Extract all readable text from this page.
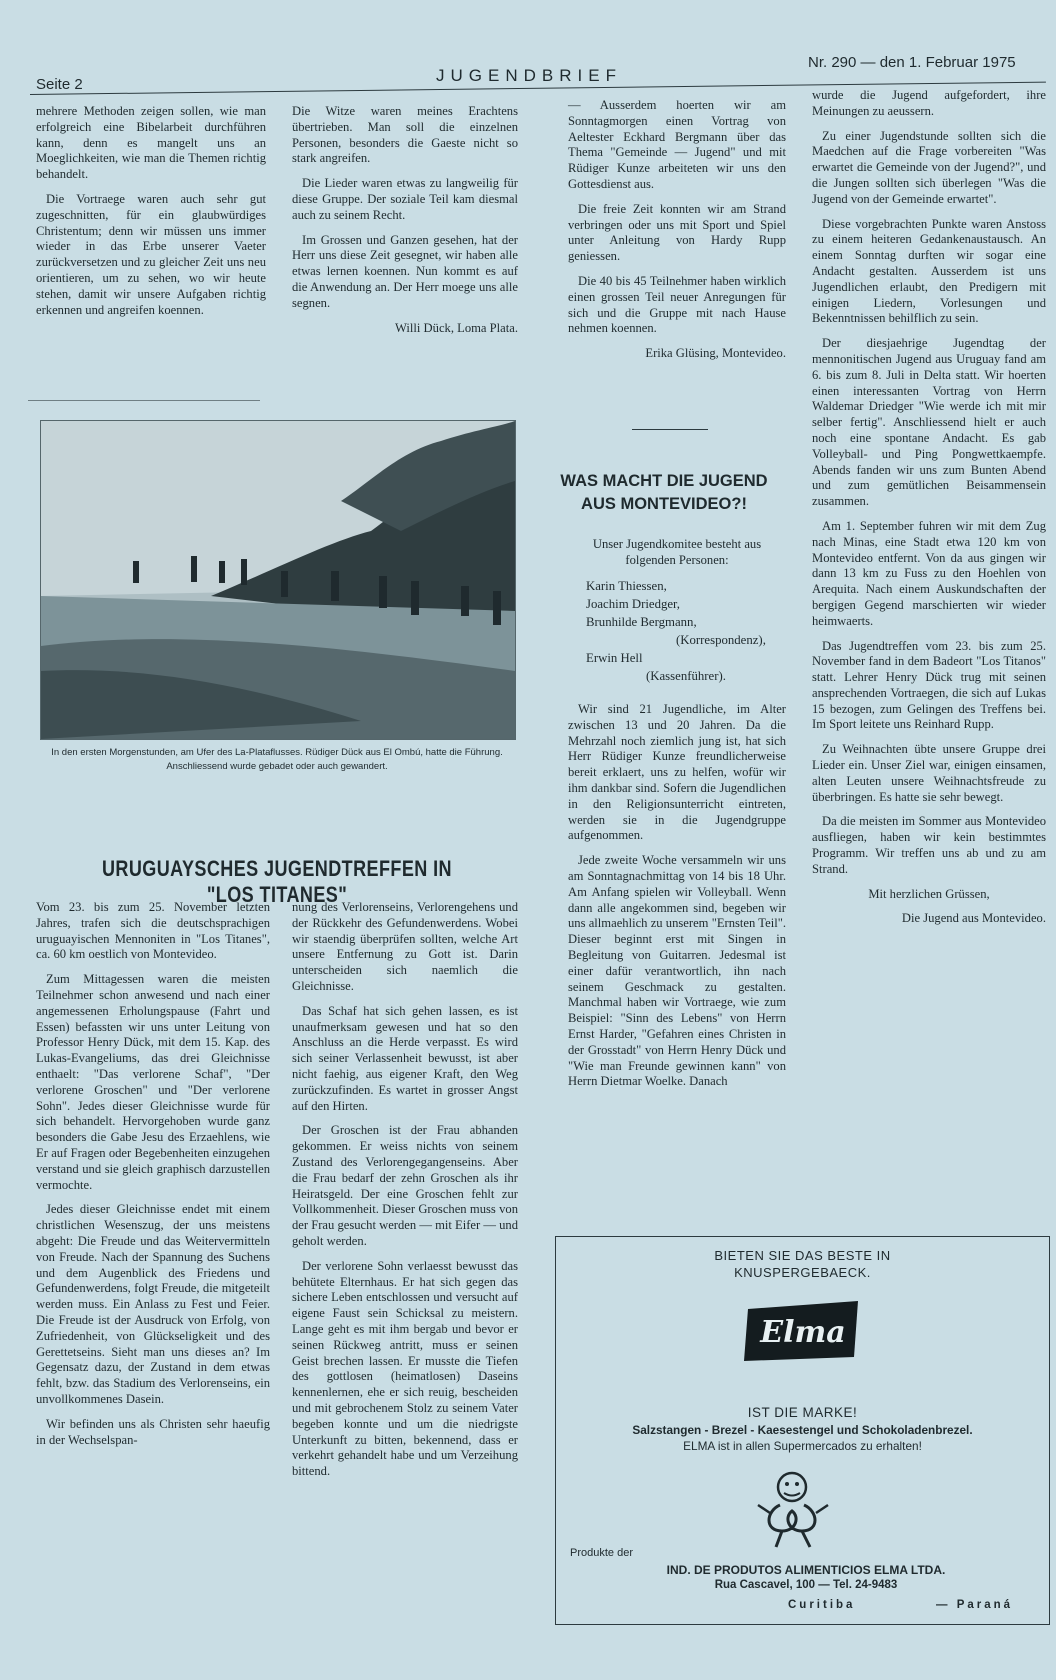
Seite 2	JUGENDBRIEF
Nr. 290 — den 1. Februar 1975

mehrere Methoden zeigen sollen, wie man erfolgreich eine Bibelarbeit durchführen kann, denn es mangelt uns an Moeglichkeiten, wie man die Themen richtig behandelt.

Die Vortraege waren auch sehr gut zugeschnitten, für ein glaubwürdiges Christentum; denn wir müssen uns immer wieder in das Erbe unserer Vaeter zurückversetzen und zu gleicher Zeit uns neu orientieren, um zu sehen, wo wir heute stehen, damit wir unsere Aufgaben richtig erkennen und angreifen koennen.

Die Witze waren meines Erachtens übertrieben. Man soll die einzelnen Personen, besonders die Gaeste nicht so stark angreifen.

Die Lieder waren etwas zu langweilig für diese Gruppe. Der soziale Teil kam diesmal auch zu seinem Recht.

Im Grossen und Ganzen gesehen, hat der Herr uns diese Zeit gesegnet, wir haben alle etwas lernen koennen. Nun kommt es auf die Anwendung an. Der Herr moege uns alle segnen.

Willi Dück, Loma Plata.

— Ausserdem hoerten wir am Sonntagmorgen einen Vortrag von Aeltester Eckhard Bergmann über das Thema "Gemeinde — Jugend" und mit Rüdiger Kunze arbeiteten wir uns den Gottesdienst aus.

Die freie Zeit konnten wir am Strand verbringen oder uns mit Sport und Spiel unter Anleitung von Hardy Rupp geniessen.

Die 40 bis 45 Teilnehmer haben wirklich einen grossen Teil neuer Anregungen für sich und die Gruppe mit nach Hause nehmen koennen.

Erika Glüsing, Montevideo.

WAS MACHT DIE JUGEND AUS MONTEVIDEO?!

Unser Jugendkomitee besteht aus folgenden Personen:

Karin Thiessen,
Joachim Driedger,
Brunhilde Bergmann,
(Korrespondenz),
Erwin Hell
(Kassenführer).

Wir sind 21 Jugendliche, im Alter zwischen 13 und 20 Jahren. Da die Mehrzahl noch ziemlich jung ist, hat sich Herr Rüdiger Kunze freundlicherweise bereit erklaert, uns zu helfen, wofür wir ihm dankbar sind. Sofern die Jugendlichen in den Religionsunterricht eintreten, werden sie in die Jugendgruppe aufgenommen.

Jede zweite Woche versammeln wir uns am Sonntagnachmittag von 14 bis 18 Uhr. Am Anfang spielen wir Volleyball. Wenn dann alle angekommen sind, begeben wir uns allmaehlich zu unserem "Ernsten Teil". Dieser beginnt erst mit Singen in Begleitung von Guitarren. Jedesmal ist einer dafür verantwortlich, ihn nach seinem Geschmack zu gestalten. Manchmal haben wir Vortraege, wie zum Beispiel: "Sinn des Lebens" von Herrn Ernst Harder, "Gefahren eines Christen in der Grosstadt" von Herrn Henry Dück und "Wie man Freunde gewinnen kann" von Herrn Dietmar Woelke. Danach

wurde die Jugend aufgefordert, ihre Meinungen zu aeussern.

Zu einer Jugendstunde sollten sich die Maedchen auf die Frage vorbereiten "Was erwartet die Gemeinde von der Jugend?", und die Jungen sollten sich überlegen "Was die Jugend von der Gemeinde erwartet".

Diese vorgebrachten Punkte waren Anstoss zu einem heiteren Gedankenaustausch. An einem Sonntag durften wir sogar eine Andacht gestalten. Ausserdem ist uns Jugendlichen erlaubt, den Predigern mit einigen Liedern, Vorlesungen und Bekenntnissen behilflich zu sein.

Der diesjaehrige Jugendtag der mennonitischen Jugend aus Uruguay fand am 6. bis zum 8. Juli in Delta statt. Wir hoerten einen interessanten Vortrag von Herrn Waldemar Driedger "Wie werde ich mit mir selber fertig". Anschliessend hielt er auch noch eine spontane Andacht. Es gab Volleyball- und Ping Pongwettkaempfe. Abends fanden wir uns zum Bunten Abend und zum gemütlichen Beisammensein zusammen.

Am 1. September fuhren wir mit dem Zug nach Minas, eine Stadt etwa 120 km von Montevideo entfernt. Von da aus gingen wir dann 13 km zu Fuss zu den Hoehlen von Arequita. Nach einem Auskundschaften der bergigen Gegend marschierten wir wieder heimwaerts.

Das Jugendtreffen vom 23. bis zum 25. November fand in dem Badeort "Los Titanos" statt. Lehrer Henry Dück trug mit seinen ansprechenden Vortraegen, die sich auf Lukas 15 bezogen, zum Gelingen des Treffens bei. Im Sport leitete uns Reinhard Rupp.

Zu Weihnachten übte unsere Gruppe drei Lieder ein. Unser Ziel war, einigen einsamen, alten Leuten unsere Weihnachtsfreude zu überbringen. Es hatte sie sehr bewegt.

Da die meisten im Sommer aus Montevideo ausfliegen, haben wir kein bestimmtes Programm. Wir treffen uns ab und zu am Strand.

Mit herzlichen Grüssen,

Die Jugend aus Montevideo.

In den ersten Morgenstunden, am Ufer des La-Plataflusses. Rüdiger Dück aus El Ombú, hatte die Führung. Anschliessend wurde gebadet oder auch gewandert.
URUGUAYSCHES JUGENDTREFFEN IN "LOS TITANES"

Vom 23. bis zum 25. November letzten Jahres, trafen sich die deutschsprachigen uruguayischen Mennoniten in "Los Titanes", ca. 60 km oestlich von Montevideo.

Zum Mittagessen waren die meisten Teilnehmer schon anwesend und nach einer angemessenen Erholungspause (Fahrt und Essen) befassten wir uns unter Leitung von Professor Henry Dück, mit dem 15. Kap. des Lukas-Evangeliums, das drei Gleichnisse enthaelt: "Das verlorene Schaf", "Der verlorene Groschen" und "Der verlorene Sohn". Jedes dieser Gleichnisse wurde für sich behandelt. Hervorgehoben wurde ganz besonders die Gabe Jesu des Erzaehlens, wie Er auf Fragen oder Begebenheiten einzugehen verstand und sie gleich graphisch darzustellen vermochte.

Jedes dieser Gleichnisse endet mit einem christlichen Wesenszug, der uns meistens abgeht: Die Freude und das Weitervermitteln von Freude. Nach der Spannung des Suchens und dem Augenblick des Friedens und Gefundenwerdens, folgt Freude, die mitgeteilt werden muss. Ein Anlass zu Fest und Feier. Die Freude ist der Ausdruck von Erfolg, von Zufriedenheit, von Glückseligkeit und des Gerettetseins. Sieht man uns dieses an? Im Gegensatz dazu, der Zustand in dem etwas fehlt, bzw. das Stadium des Verlorenseins, ein unvollkommenes Dasein.

Wir befinden uns als Christen sehr haeufig in der Wechselspan-

nung des Verlorenseins, Verlorengehens und der Rückkehr des Gefundenwerdens. Wobei wir staendig überprüfen sollten, welche Art unsere Entfernung zu Gott ist. Darin unterscheiden sich naemlich die Gleichnisse.

Das Schaf hat sich gehen lassen, es ist unaufmerksam gewesen und hat so den Anschluss an die Herde verpasst. Es wird sich seiner Verlassenheit bewusst, ist aber nicht faehig, aus eigener Kraft, den Weg zurückzufinden. Es wartet in grosser Angst auf den Hirten.

Der Groschen ist der Frau abhanden gekommen. Er weiss nichts von seinem Zustand des Verlorengegangenseins. Aber die Frau bedarf der zehn Groschen als ihr Heiratsgeld. Der eine Groschen fehlt zur Vollkommenheit. Dieser Groschen muss von der Frau gesucht werden — mit Eifer — und geholt werden.

Der verlorene Sohn verlaesst bewusst das behütete Elternhaus. Er hat sich gegen das sichere Leben entschlossen und versucht auf eigene Faust sein Schicksal zu meistern. Lange geht es mit ihm bergab und bevor er seinen Rückweg antritt, muss er seinen Geist brechen lassen. Er musste die Tiefen des gottlosen (heimatlosen) Daseins kennenlernen, ehe er sich reuig, bescheiden und mit gebrochenem Stolz zu seinem Vater begeben konnte und um die niedrigste Unterkunft zu bitten, bekennend, dass er verkehrt gehandelt habe und um Verzeihung bittend.

BIETEN SIE DAS BESTE IN
KNUSPERGEBAECK.
Elma
IST DIE MARKE!
Salzstangen - Brezel - Kaesestengel und Schokoladenbrezel.
ELMA ist in allen Supermercados zu erhalten!
Produkte der
IND. DE PRODUTOS ALIMENTICIOS ELMA LTDA.
Rua Cascavel, 100 — Tel. 24-9483
Curitiba	— Paraná
